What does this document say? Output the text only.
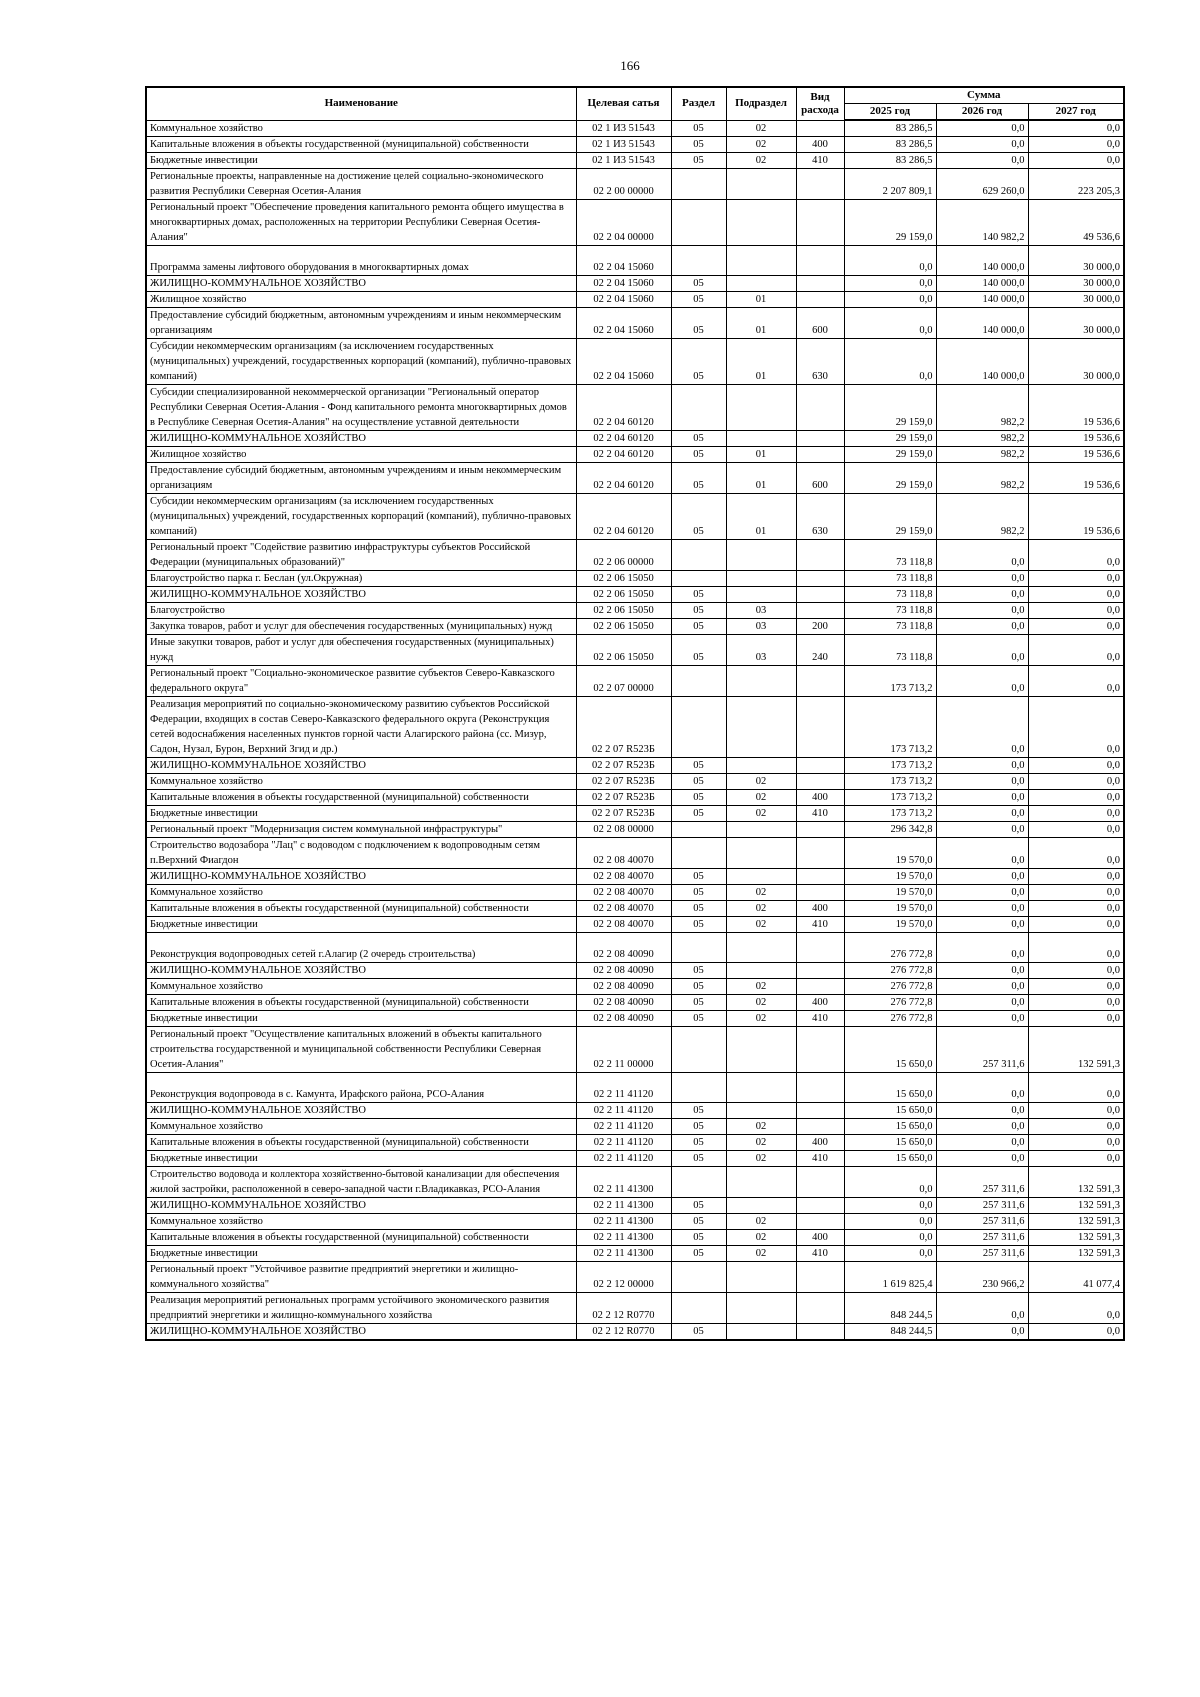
166
Наименование	Целевая сатья	Раздел	Подраздел	Вид расхода	Сумма		
					2025 год	2026 год	2027 год
Коммунальное хозяйство	02 1 И3 51543	05	02		83 286,5	0,0	0,0
Капитальные вложения в объекты государственной (муниципальной) собственности	02 1 И3 51543	05	02	400	83 286,5	0,0	0,0
Бюджетные инвестиции	02 1 И3 51543	05	02	410	83 286,5	0,0	0,0
Региональные проекты, направленные на достижение целей социально-экономического развития Республики Северная Осетия-Алания	02 2 00 00000				2 207 809,1	629 260,0	223 205,3
Региональный проект "Обеспечение проведения капитального ремонта общего имущества в многоквартирных домах, расположенных на территории Республики Северная Осетия-Алания"	02 2 04 00000				29 159,0	140 982,2	49 536,6
Программа замены лифтового оборудования в многоквартирных домах	02 2 04 15060				0,0	140 000,0	30 000,0
ЖИЛИЩНО-КОММУНАЛЬНОЕ ХОЗЯЙСТВО	02 2 04 15060	05			0,0	140 000,0	30 000,0
Жилищное хозяйство	02 2 04 15060	05	01		0,0	140 000,0	30 000,0
Предоставление субсидий бюджетным, автономным учреждениям и иным некоммерческим организациям	02 2 04 15060	05	01	600	0,0	140 000,0	30 000,0
Субсидии некоммерческим организациям (за исключением государственных (муниципальных) учреждений, государственных корпораций (компаний), публично-правовых компаний)	02 2 04 15060	05	01	630	0,0	140 000,0	30 000,0
Субсидии специализированной некоммерческой организации "Региональный оператор Республики Северная Осетия-Алания - Фонд капитального ремонта многоквартирных домов в Республике Северная Осетия-Алания" на осуществление уставной деятельности	02 2 04 60120				29 159,0	982,2	19 536,6
ЖИЛИЩНО-КОММУНАЛЬНОЕ ХОЗЯЙСТВО	02 2 04 60120	05			29 159,0	982,2	19 536,6
Жилищное хозяйство	02 2 04 60120	05	01		29 159,0	982,2	19 536,6
Предоставление субсидий бюджетным, автономным учреждениям и иным некоммерческим организациям	02 2 04 60120	05	01	600	29 159,0	982,2	19 536,6
Субсидии некоммерческим организациям (за исключением государственных (муниципальных) учреждений, государственных корпораций (компаний), публично-правовых компаний)	02 2 04 60120	05	01	630	29 159,0	982,2	19 536,6
Региональный проект "Содействие развитию инфраструктуры субъектов Российской Федерации (муниципальных образований)"	02 2 06 00000				73 118,8	0,0	0,0
Благоустройство парка г. Беслан (ул.Окружная)	02 2 06 15050				73 118,8	0,0	0,0
ЖИЛИЩНО-КОММУНАЛЬНОЕ ХОЗЯЙСТВО	02 2 06 15050	05			73 118,8	0,0	0,0
Благоустройство	02 2 06 15050	05	03		73 118,8	0,0	0,0
Закупка товаров, работ и услуг для обеспечения государственных (муниципальных) нужд	02 2 06 15050	05	03	200	73 118,8	0,0	0,0
Иные закупки товаров, работ и услуг для обеспечения государственных (муниципальных) нужд	02 2 06 15050	05	03	240	73 118,8	0,0	0,0
Региональный проект "Социально-экономическое развитие субъектов Северо-Кавказского федерального округа"	02 2 07 00000				173 713,2	0,0	0,0
Реализация мероприятий по социально-экономическому развитию субъектов Российской Федерации, входящих в состав Северо-Кавказского федерального округа (Реконструкция сетей водоснабжения населенных пунктов горной части Алагирского района (сс. Мизур, Садон, Нузал, Бурон, Верхний Згид и др.)	02 2 07 R523Б				173 713,2	0,0	0,0
ЖИЛИЩНО-КОММУНАЛЬНОЕ ХОЗЯЙСТВО	02 2 07 R523Б	05			173 713,2	0,0	0,0
Коммунальное хозяйство	02 2 07 R523Б	05	02		173 713,2	0,0	0,0
Капитальные вложения в объекты государственной (муниципальной) собственности	02 2 07 R523Б	05	02	400	173 713,2	0,0	0,0
Бюджетные инвестиции	02 2 07 R523Б	05	02	410	173 713,2	0,0	0,0
Региональный проект "Модернизация систем коммунальной инфраструктуры"	02 2 08 00000				296 342,8	0,0	0,0
Строительство водозабора "Лац" с водоводом с подключением к водопроводным сетям п.Верхний Фиагдон	02 2 08 40070				19 570,0	0,0	0,0
ЖИЛИЩНО-КОММУНАЛЬНОЕ ХОЗЯЙСТВО	02 2 08 40070	05			19 570,0	0,0	0,0
Коммунальное хозяйство	02 2 08 40070	05	02		19 570,0	0,0	0,0
Капитальные вложения в объекты государственной (муниципальной) собственности	02 2 08 40070	05	02	400	19 570,0	0,0	0,0
Бюджетные инвестиции	02 2 08 40070	05	02	410	19 570,0	0,0	0,0
Реконструкция водопроводных сетей г.Алагир (2 очередь строительства)	02 2 08 40090				276 772,8	0,0	0,0
ЖИЛИЩНО-КОММУНАЛЬНОЕ ХОЗЯЙСТВО	02 2 08 40090	05			276 772,8	0,0	0,0
Коммунальное хозяйство	02 2 08 40090	05	02		276 772,8	0,0	0,0
Капитальные вложения в объекты государственной (муниципальной) собственности	02 2 08 40090	05	02	400	276 772,8	0,0	0,0
Бюджетные инвестиции	02 2 08 40090	05	02	410	276 772,8	0,0	0,0
Региональный проект "Осуществление капитальных вложений в объекты капитального строительства государственной и муниципальной собственности Республики Северная Осетия-Алания"	02 2 11 00000				15 650,0	257 311,6	132 591,3
Реконструкция водопровода в с. Камунта, Ирафского района, РСО-Алания	02 2 11 41120				15 650,0	0,0	0,0
ЖИЛИЩНО-КОММУНАЛЬНОЕ ХОЗЯЙСТВО	02 2 11 41120	05			15 650,0	0,0	0,0
Коммунальное хозяйство	02 2 11 41120	05	02		15 650,0	0,0	0,0
Капитальные вложения в объекты государственной (муниципальной) собственности	02 2 11 41120	05	02	400	15 650,0	0,0	0,0
Бюджетные инвестиции	02 2 11 41120	05	02	410	15 650,0	0,0	0,0
Строительство водовода и коллектора хозяйственно-бытовой канализации для обеспечения жилой застройки, расположенной в северо-западной части г.Владикавказ, РСО-Алания	02 2 11 41300				0,0	257 311,6	132 591,3
ЖИЛИЩНО-КОММУНАЛЬНОЕ ХОЗЯЙСТВО	02 2 11 41300	05			0,0	257 311,6	132 591,3
Коммунальное хозяйство	02 2 11 41300	05	02		0,0	257 311,6	132 591,3
Капитальные вложения в объекты государственной (муниципальной) собственности	02 2 11 41300	05	02	400	0,0	257 311,6	132 591,3
Бюджетные инвестиции	02 2 11 41300	05	02	410	0,0	257 311,6	132 591,3
Региональный проект "Устойчивое развитие предприятий энергетики и жилищно-коммунального хозяйства"	02 2 12 00000				1 619 825,4	230 966,2	41 077,4
Реализация мероприятий региональных программ устойчивого экономического развития предприятий энергетики и жилищно-коммунального хозяйства	02 2 12 R0770				848 244,5	0,0	0,0
ЖИЛИЩНО-КОММУНАЛЬНОЕ ХОЗЯЙСТВО	02 2 12 R0770	05			848 244,5	0,0	0,0
